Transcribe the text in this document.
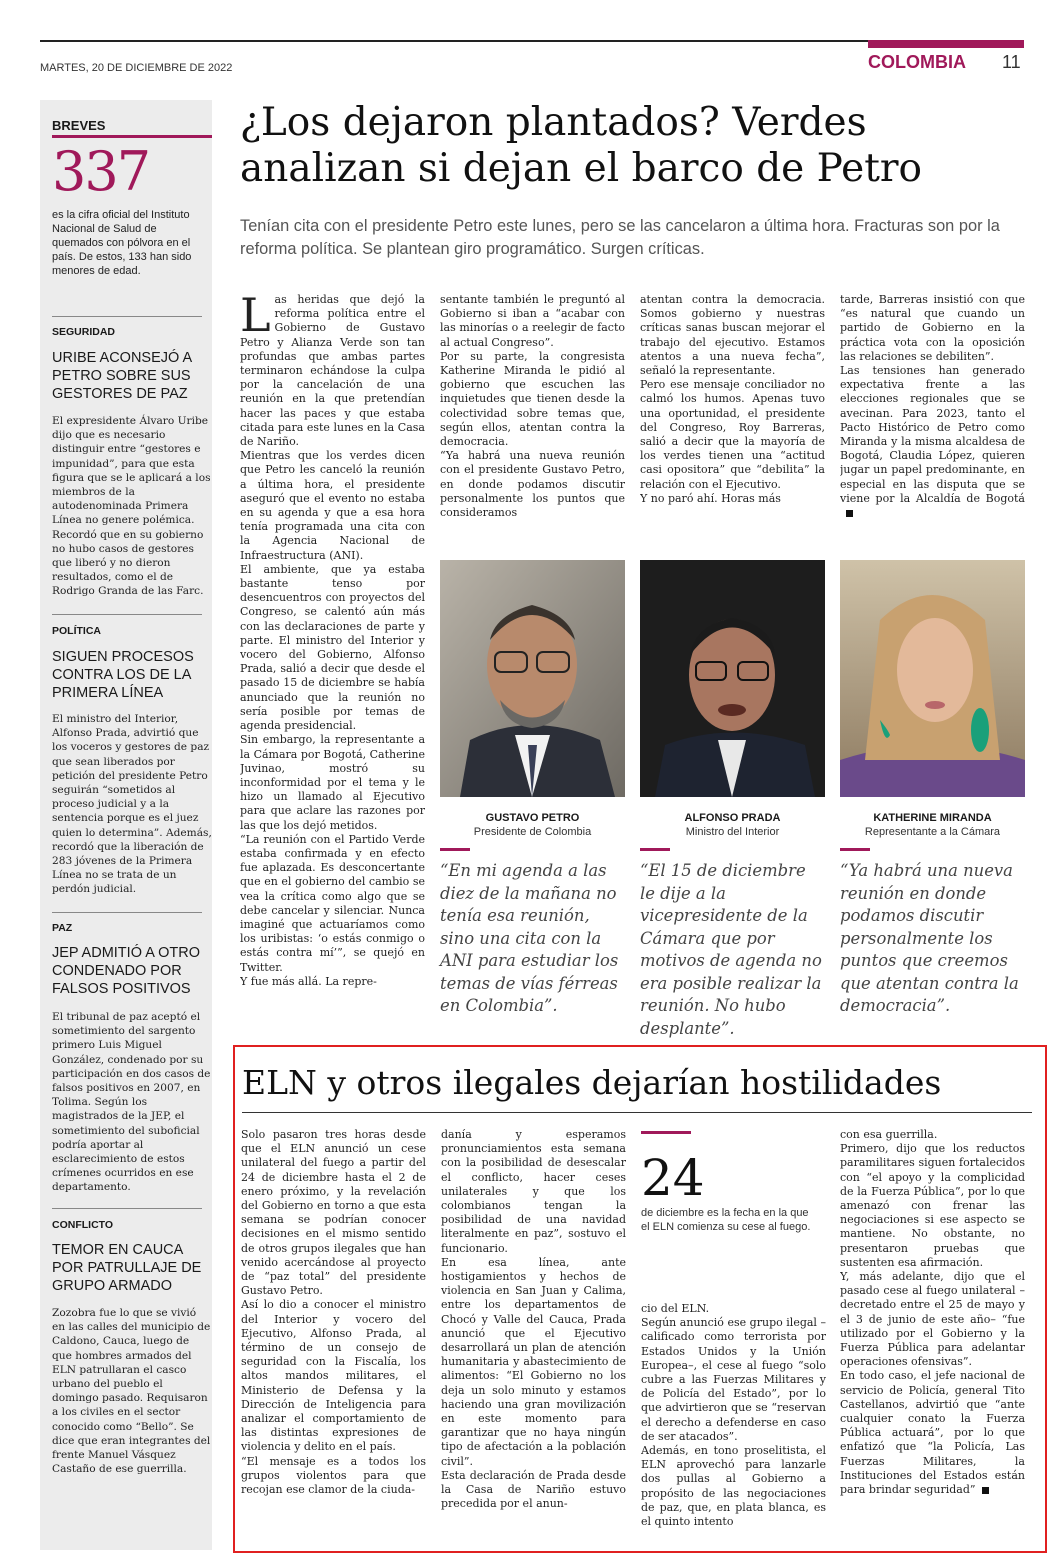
MARTES, 20 DE DICIEMBRE DE 2022	COLOMBIA 11
BREVES
337
es la cifra oficial del Instituto Nacional de Salud de quemados con pólvora en el país. De estos, 133 han sido menores de edad.
SEGURIDAD
URIBE ACONSEJÓ A PETRO SOBRE SUS GESTORES DE PAZ
El expresidente Álvaro Uribe dijo que es necesario distinguir entre “gestores e impunidad”, para que esta figura que se le aplicará a los miembros de la autodenominada Primera Línea no genere polémica. Recordó que en su gobierno no hubo casos de gestores que liberó y no dieron resultados, como el de Rodrigo Granda de las Farc.
POLÍTICA
SIGUEN PROCESOS CONTRA LOS DE LA PRIMERA LÍNEA
El ministro del Interior, Alfonso Prada, advirtió que los voceros y gestores de paz que sean liberados por petición del presidente Petro seguirán “sometidos al proceso judicial y a la sentencia porque es el juez quien lo determina”. Además, recordó que la liberación de 283 jóvenes de la Primera Línea no se trata de un perdón judicial.
PAZ
JEP ADMITIÓ A OTRO CONDENADO POR FALSOS POSITIVOS
El tribunal de paz aceptó el sometimiento del sargento primero Luis Miguel González, condenado por su participación en dos casos de falsos positivos en 2007, en Tolima. Según los magistrados de la JEP, el sometimiento del suboficial podría aportar al esclarecimiento de estos crímenes ocurridos en ese departamento.
CONFLICTO
TEMOR EN CAUCA POR PATRULLAJE DE GRUPO ARMADO
Zozobra fue lo que se vivió en las calles del municipio de Caldono, Cauca, luego de que hombres armados del ELN patrullaran el casco urbano del pueblo el domingo pasado. Requisaron a los civiles en el sector conocido como “Bello”. Se dice que eran integrantes del frente Manuel Vásquez Castaño de ese guerrilla.
¿Los dejaron plantados? Verdes analizan si dejan el barco de Petro
Tenían cita con el presidente Petro este lunes, pero se las cancelaron a última hora. Fracturas son por la reforma política. Se plantean giro programático. Surgen críticas.
Las heridas que dejó la reforma política entre el Gobierno de Gustavo Petro y Alianza Verde son tan profundas que ambas partes terminaron echándose la culpa por la cancelación de una reunión en la que pretendían hacer las paces y que estaba citada para este lunes en la Casa de Nariño.
Mientras que los verdes dicen que Petro les canceló la reunión a última hora, el presidente aseguró que el evento no estaba en su agenda y que a esa hora tenía programada una cita con la Agencia Nacional de Infraestructura (ANI).
El ambiente, que ya estaba bastante tenso por desencuentros con proyectos del Congreso, se calentó aún más con las declaraciones de parte y parte. El ministro del Interior y vocero del Gobierno, Alfonso Prada, salió a decir que desde el pasado 15 de diciembre se había anunciado que la reunión no sería posible por temas de agenda presidencial.
Sin embargo, la representante a la Cámara por Bogotá, Catherine Juvinao, mostró su inconformidad por el tema y le hizo un llamado al Ejecutivo para que aclare las razones por las que los dejó metidos.
“La reunión con el Partido Verde estaba confirmada y en efecto fue aplazada. Es desconcertante que en el gobierno del cambio se vea la crítica como algo que se debe cancelar y silenciar. Nunca imaginé que actuaríamos como los uribistas: ‘o estás conmigo o estás contra mí’”, se quejó en Twitter.
Y fue más allá. La repre-
sentante también le preguntó al Gobierno si iban a “acabar con las minorías o a reelegir de facto al actual Congreso”.
Por su parte, la congresista Katherine Miranda le pidió al gobierno que escuchen las inquietudes que tienen desde la colectividad sobre temas que, según ellos, atentan contra la democracia.
“Ya habrá una nueva reunión con el presidente Gustavo Petro, en donde podamos discutir personalmente los puntos que consideramos
atentan contra la democracia. Somos gobierno y nuestras críticas sanas buscan mejorar el trabajo del ejecutivo. Estamos atentos a una nueva fecha”, señaló la representante.
Pero ese mensaje conciliador no calmó los humos. Apenas tuvo una oportunidad, el presidente del Congreso, Roy Barreras, salió a decir que la mayoría de los verdes tienen una “actitud casi opositora” que “debilita” la relación con el Ejecutivo.
Y no paró ahí. Horas más
tarde, Barreras insistió con que “es natural que cuando un partido de Gobierno en la práctica vota con la oposición las relaciones se debiliten”.
Las tensiones han generado expectativa frente a las elecciones regionales que se avecinan. Para 2023, tanto el Pacto Histórico de Petro como Miranda y la misma alcaldesa de Bogotá, Claudia López, quieren jugar un papel predominante, en especial en las disputa que se viene por la Alcaldía de Bogotá
GUSTAVO PETRO
Presidente de Colombia
ALFONSO PRADA
Ministro del Interior
KATHERINE MIRANDA
Representante a la Cámara
“En mi agenda a las diez de la mañana no tenía esa reunión, sino una cita con la ANI para estudiar los temas de vías férreas en Colombia”.
“El 15 de diciembre le dije a la vicepresidente de la Cámara que por motivos de agenda no era posible realizar la reunión. No hubo desplante”.
“Ya habrá una nueva reunión en donde podamos discutir personalmente los puntos que creemos que atentan contra la democracia”.
ELN y otros ilegales dejarían hostilidades
Solo pasaron tres horas desde que el ELN anunció un cese unilateral del fuego a partir del 24 de diciembre hasta el 2 de enero próximo, y la revelación del Gobierno en torno a que esta semana se podrían conocer decisiones en el mismo sentido de otros grupos ilegales que han venido acercándose al proyecto de “paz total” del presidente Gustavo Petro.
Así lo dio a conocer el ministro del Interior y vocero del Ejecutivo, Alfonso Prada, al término de un consejo de seguridad con la Fiscalía, los altos mandos militares, el Ministerio de Defensa y la Dirección de Inteligencia para analizar el comportamiento de las distintas expresiones de violencia y delito en el país.
“El mensaje es a todos los grupos violentos para que recojan ese clamor de la ciuda-
danía y esperamos pronunciamientos esta semana con la posibilidad de desescalar el conflicto, hacer ceses unilaterales y que los colombianos tengan la posibilidad de una navidad literalmente en paz”, sostuvo el funcionario.
En esa línea, ante hostigamientos y hechos de violencia en San Juan y Calima, entre los departamentos de Chocó y Valle del Cauca, Prada anunció que el Ejecutivo desarrollará un plan de atención humanitaria y abastecimiento de alimentos: “El Gobierno no los deja un solo minuto y estamos haciendo una gran movilización en este momento para garantizar que no haya ningún tipo de afectación a la población civil”.
Esta declaración de Prada desde la Casa de Nariño estuvo precedida por el anun-
24
de diciembre es la fecha en la que el ELN comienza su cese al fuego.
cio del ELN.
Según anunció ese grupo ilegal –calificado como terrorista por Estados Unidos y la Unión Europea–, el cese al fuego “solo cubre a las Fuerzas Militares y de Policía del Estado”, por lo que advirtieron que se “reservan el derecho a defenderse en caso de ser atacados”.
Además, en tono proselitista, el ELN aprovechó para lanzarle dos pullas al Gobierno a propósito de las negociaciones de paz, que, en plata blanca, es el quinto intento
con esa guerrilla.
Primero, dijo que los reductos paramilitares siguen fortalecidos con “el apoyo y la complicidad de la Fuerza Pública”, por lo que amenazó con frenar las negociaciones si ese aspecto se mantiene. No obstante, no presentaron pruebas que sustenten esa afirmación.
Y, más adelante, dijo que el pasado cese al fuego unilateral –decretado entre el 25 de mayo y el 3 de junio de este año– “fue utilizado por el Gobierno y la Fuerza Pública para adelantar operaciones ofensivas”.
En todo caso, el jefe nacional de servicio de Policía, general Tito Castellanos, advirtió que “ante cualquier conato la Fuerza Pública actuará”, por lo que enfatizó que “la Policía, Las Fuerzas Militares, la Instituciones del Estados están para brindar seguridad”
